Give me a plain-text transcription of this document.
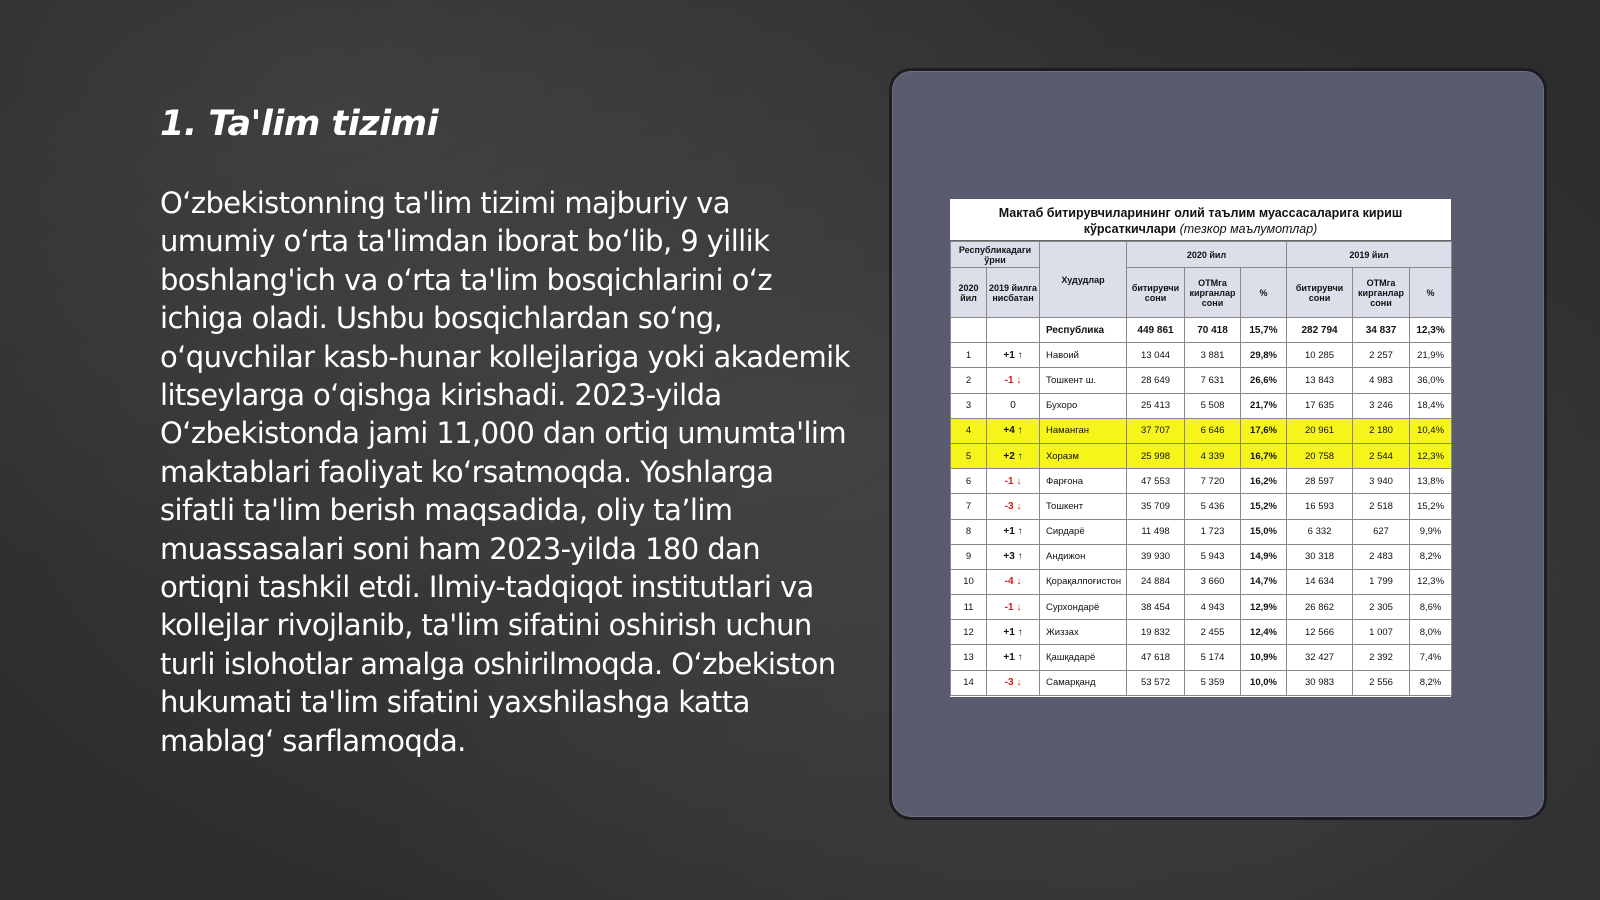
1. Ta'lim tizimi

O‘zbekistonning ta'lim tizimi majburiy va umumiy o‘rta ta'limdan iborat bo‘lib, 9 yillik boshlang'ich va o‘rta ta'lim bosqichlarini o‘z ichiga oladi. Ushbu bosqichlardan so‘ng, o‘quvchilar kasb-hunar kollejlariga yoki akademik litseylarga o‘qishga kirishadi. 2023-yilda O‘zbekistonda jami 11,000 dan ortiq umumta'lim maktablari faoliyat ko‘rsatmoqda. Yoshlarga sifatli ta'lim berish maqsadida, oliy ta’lim muassasalari soni ham 2023-yilda 180 dan ortiqni tashkil etdi. Ilmiy-tadqiqot institutlari va kollejlar rivojlanib, ta'lim sifatini oshirish uchun turli islohotlar amalga oshirilmoqda. O‘zbekiston hukumati ta'lim sifatini yaxshilashga katta mablag‘ sarflamoqda.

Мактаб битирувчиларининг олий таълим муассасаларига кириш кўрсаткичлари (тезкор маълумотлар)
Республикадаги ўрни		Худудлар	2020 йил			2019 йил		
2020 йил	2019 йилга нисбатан		битирувчи сони	ОТМга кирганлар сони	%	битирувчи сони	ОТМга кирганлар сони	%
		Республика	449 861	70 418	15,7%	282 794	34 837	12,3%
1	+1 ↑	Навоий	13 044	3 881	29,8%	10 285	2 257	21,9%
2	-1 ↓	Тошкент ш.	28 649	7 631	26,6%	13 843	4 983	36,0%
3	0	Бухоро	25 413	5 508	21,7%	17 635	3 246	18,4%
4	+4 ↑	Наманган	37 707	6 646	17,6%	20 961	2 180	10,4%
5	+2 ↑	Хоразм	25 998	4 339	16,7%	20 758	2 544	12,3%
6	-1 ↓	Фарғона	47 553	7 720	16,2%	28 597	3 940	13,8%
7	-3 ↓	Тошкент	35 709	5 436	15,2%	16 593	2 518	15,2%
8	+1 ↑	Сирдарё	11 498	1 723	15,0%	6 332	627	9,9%
9	+3 ↑	Андижон	39 930	5 943	14,9%	30 318	2 483	8,2%
10	-4 ↓	Қорақалпоғистон	24 884	3 660	14,7%	14 634	1 799	12,3%
11	-1 ↓	Сурхондарё	38 454	4 943	12,9%	26 862	2 305	8,6%
12	+1 ↑	Жиззах	19 832	2 455	12,4%	12 566	1 007	8,0%
13	+1 ↑	Қашқадарё	47 618	5 174	10,9%	32 427	2 392	7,4%
14	-3 ↓	Самарқанд	53 572	5 359	10,0%	30 983	2 556	8,2%
